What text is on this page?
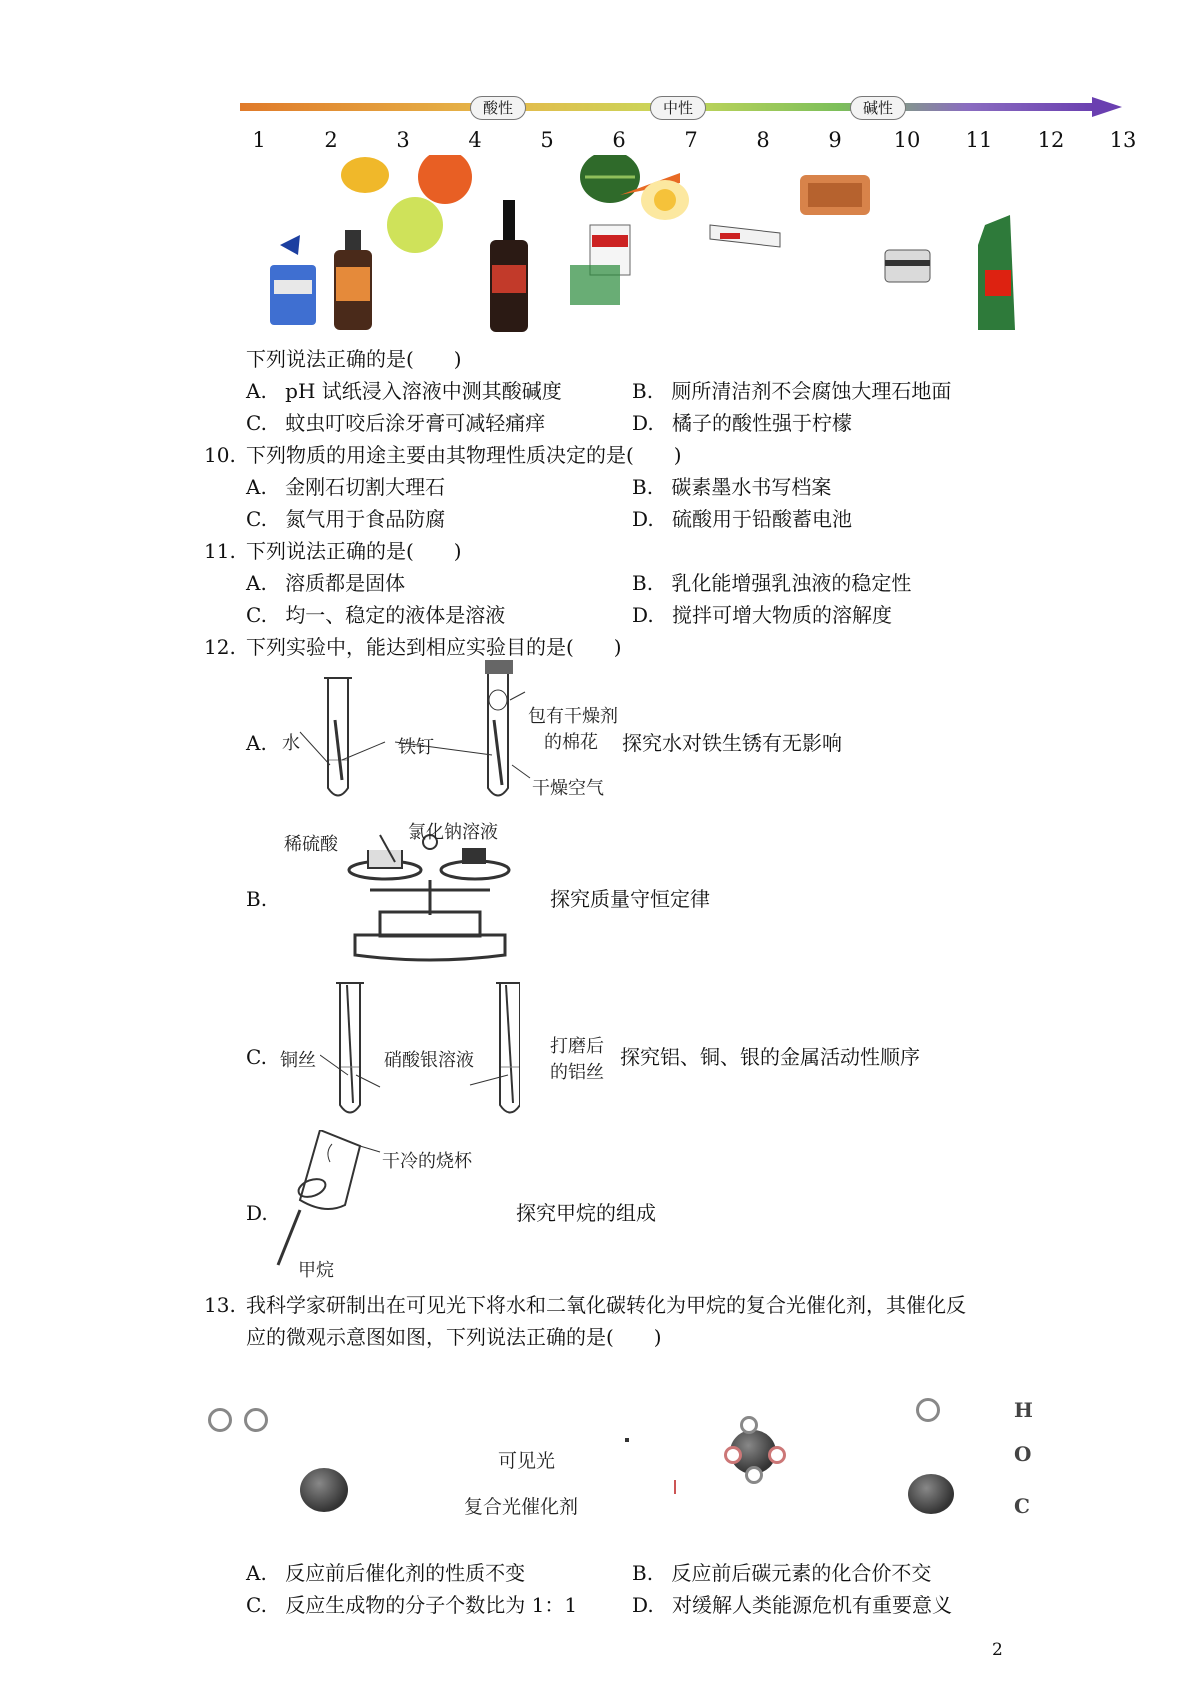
酸性	中性	碱性
1	2	3	4	5	6	7	8	9	10 11 12 13
下列说法正确的是(　　)
A. pH 试纸浸入溶液中测其酸碱度	B. 厕所清洁剂不会腐蚀大理石地面
C. 蚊虫叮咬后涂牙膏可减轻痛痒	D. 橘子的酸性强于柠檬
10. 下列物质的用途主要由其物理性质决定的是(　　)
A. 金刚石切割大理石	B. 碳素墨水书写档案
C. 氮气用于食品防腐	D. 硫酸用于铅酸蓄电池
11. 下列说法正确的是(　　)
A. 溶质都是固体	B. 乳化能增强乳浊液的稳定性
C. 均一、稳定的液体是溶液	D. 搅拌可增大物质的溶解度
12. 下列实验中，能达到相应实验目的是(　　)
A. 水	铁钉
包有干燥剂
的棉花
干燥空气
探究水对铁生锈有无影响
B.
稀硫酸
氯化钠溶液
探究质量守恒定律
C. 铜丝	硝酸银溶液
打磨后
的铝丝
探究铝、铜、银的金属活动性顺序
D.
干冷的烧杯
甲烷
探究甲烷的组成
13. 我科学家研制出在可见光下将水和二氧化碳转化为甲烷的复合光催化剂，其催化反
应的微观示意图如图，下列说法正确的是(　　)
可见光
复合光催化剂
H
O
C
A. 反应前后催化剂的性质不变	B. 反应前后碳元素的化合价不交
C. 反应生成物的分子个数比为 1：1	D. 对缓解人类能源危机有重要意义
2
